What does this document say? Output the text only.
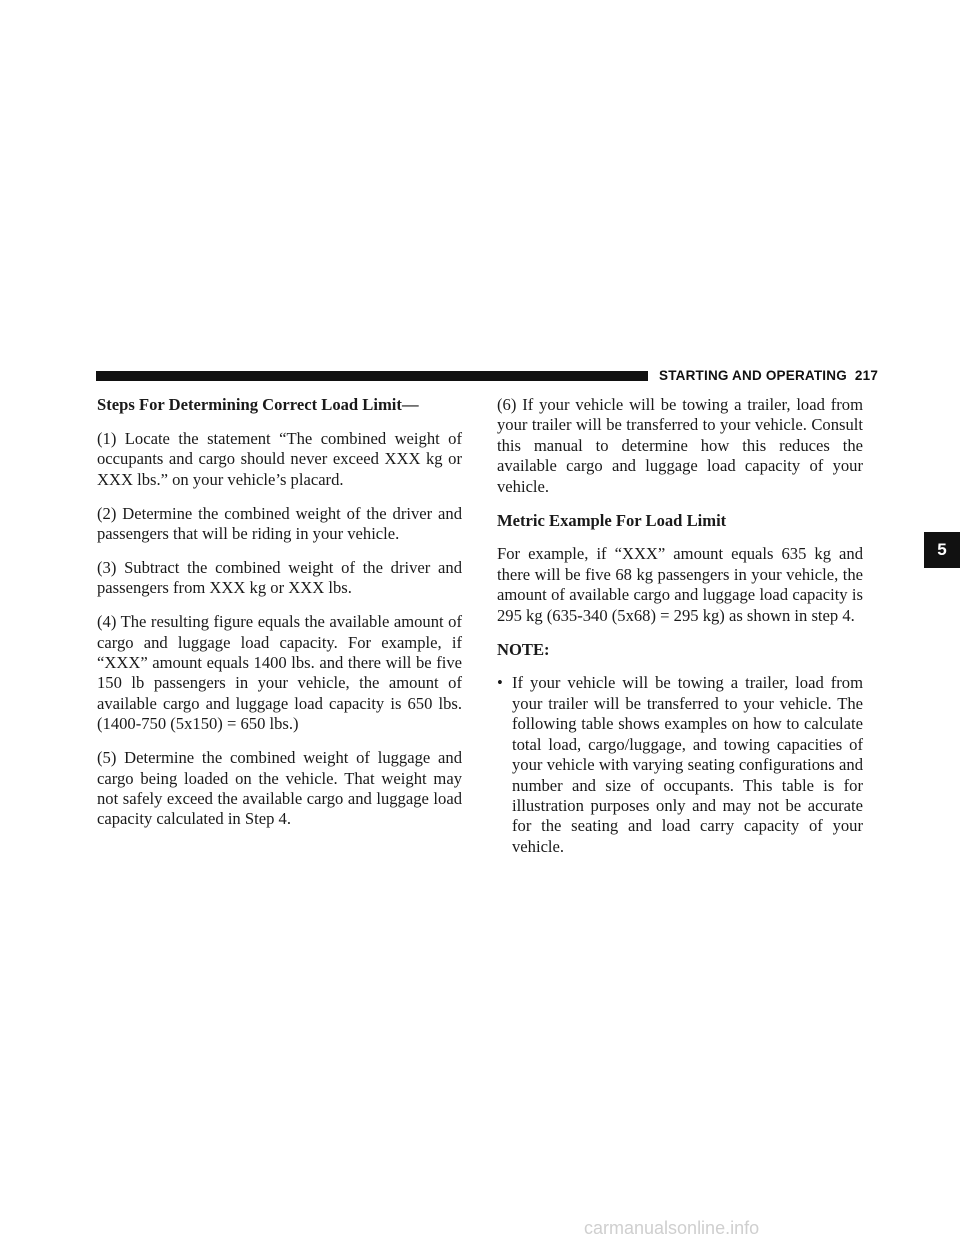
STARTING AND OPERATING 217
Steps For Determining Correct Load Limit—

(1) Locate the statement “The combined weight of occupants and cargo should never exceed XXX kg or XXX lbs.” on your vehicle’s placard.

(2) Determine the combined weight of the driver and passengers that will be riding in your vehicle.

(3) Subtract the combined weight of the driver and passengers from XXX kg or XXX lbs.

(4) The resulting figure equals the available amount of cargo and luggage load capacity. For example, if “XXX” amount equals 1400 lbs. and there will be five 150 lb passengers in your vehicle, the amount of available cargo and luggage load capacity is 650 lbs. (1400-750 (5x150) = 650 lbs.)

(5) Determine the combined weight of luggage and cargo being loaded on the vehicle. That weight may not safely exceed the available cargo and luggage load capacity calculated in Step 4.

(6) If your vehicle will be towing a trailer, load from your trailer will be transferred to your vehicle. Consult this manual to determine how this reduces the available cargo and luggage load capacity of your vehicle.

Metric Example For Load Limit

For example, if “XXX” amount equals 635 kg and there will be five 68 kg passengers in your vehicle, the amount of available cargo and luggage load capacity is 295 kg (635-340 (5x68) = 295 kg) as shown in step 4.

NOTE:
• If your vehicle will be towing a trailer, load from your trailer will be transferred to your vehicle. The following table shows examples on how to calculate total load, cargo/luggage, and towing capacities of your vehicle with varying seating configurations and number and size of occupants. This table is for illustration purposes only and may not be accurate for the seating and load carry capacity of your vehicle.
5
carmanualsonline.info
